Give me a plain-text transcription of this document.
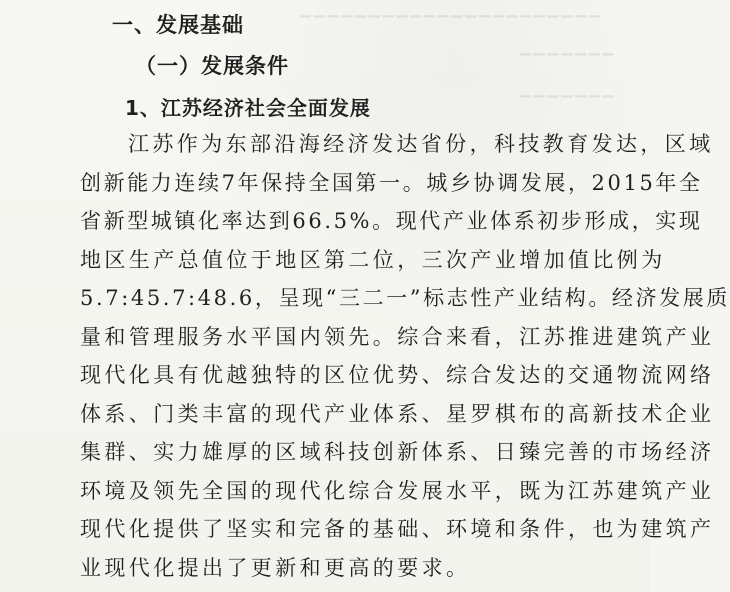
▁▁▁▁▁▁▁▁▁▁▁▁▁▁▁▁▁▁▁▁▁▁
▁▁▁▁▁▁▁
▁▁▁▁▁▁▁
一、发展基础
（一）发展条件
1、江苏经济社会全面发展
江苏作为东部沿海经济发达省份，科技教育发达，区域
创新能力连续7年保持全国第一。城乡协调发展，2015年全
省新型城镇化率达到66.5%。现代产业体系初步形成，实现
地区生产总值位于地区第二位，三次产业增加值比例为
5.7:45.7:48.6，呈现“三二一”标志性产业结构。经济发展质
量和管理服务水平国内领先。综合来看，江苏推进建筑产业
现代化具有优越独特的区位优势、综合发达的交通物流网络
体系、门类丰富的现代产业体系、星罗棋布的高新技术企业
集群、实力雄厚的区域科技创新体系、日臻完善的市场经济
环境及领先全国的现代化综合发展水平，既为江苏建筑产业
现代化提供了坚实和完备的基础、环境和条件，也为建筑产
业现代化提出了更新和更高的要求。
